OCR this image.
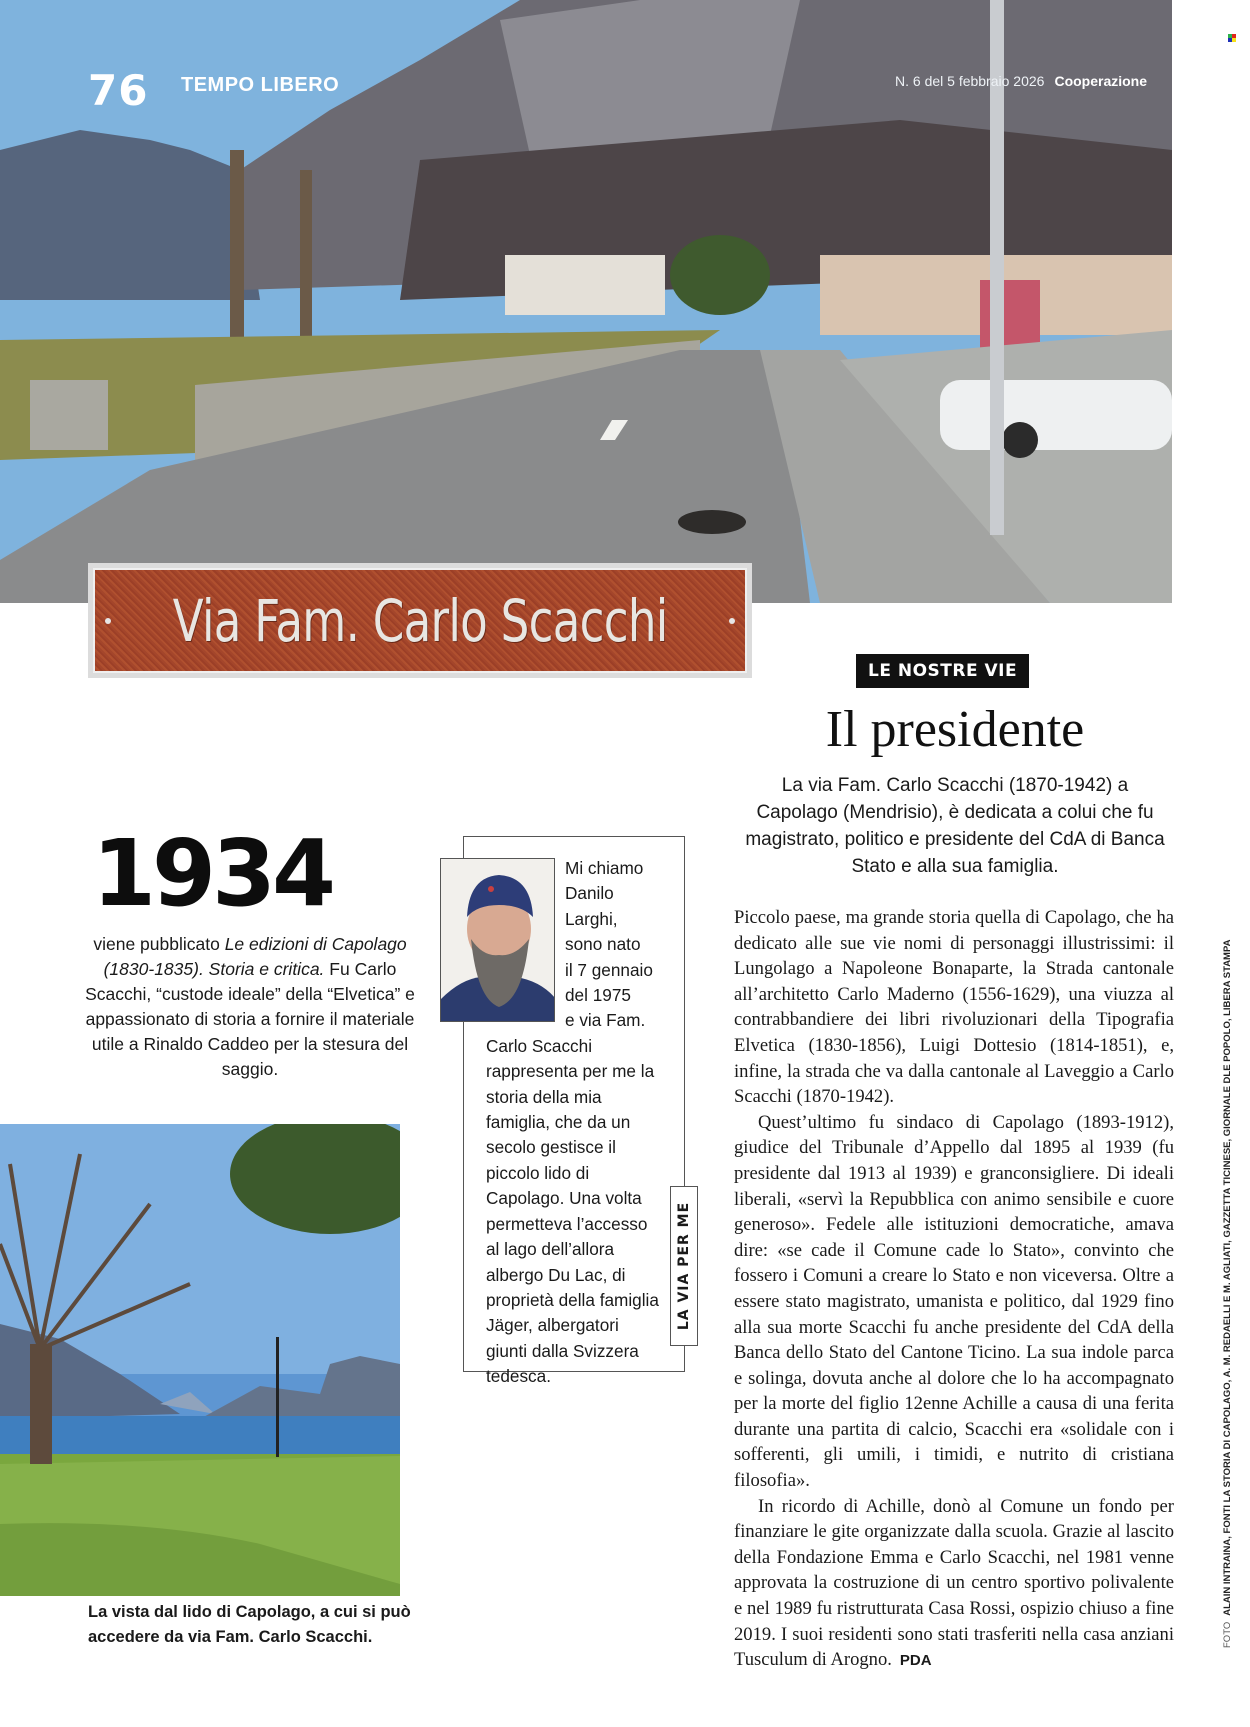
76 TEMPO LIBERO	N. 6 del 5 febbraio 2026 Cooperazione
Via Fam. Carlo Scacchi
LE NOSTRE VIE
Il presidente
La via Fam. Carlo Scacchi (1870-1942) a Capolago (Mendrisio), è dedicata a colui che fu magistrato, politico e presidente del CdA di Banca Stato e alla sua famiglia.

Piccolo paese, ma grande storia quella di Capolago, che ha dedicato alle sue vie nomi di personaggi illustrissimi: il Lungolago a Napoleone Bonaparte, la Strada cantonale all’architetto Carlo Maderno (1556-1629), una viuzza al contrabbandiere dei libri rivoluzionari della Tipografia Elvetica (1830-1856), Luigi Dottesio (1814-1851), e, infine, la strada che va dalla cantonale al Laveggio a Carlo Scacchi (1870-1942).

Quest’ultimo fu sindaco di Capolago (1893-1912), giudice del Tribunale d’Appello dal 1895 al 1939 (fu presidente dal 1913 al 1939) e granconsigliere. Di ideali liberali, «servì la Repubblica con animo sensibile e cuore generoso». Fedele alle istituzioni democratiche, amava dire: «se cade il Comune cade lo Stato», convinto che fossero i Comuni a creare lo Stato e non viceversa. Oltre a essere stato magistrato, umanista e politico, dal 1929 fino alla sua morte Scacchi fu anche presidente del CdA della Banca dello Stato del Cantone Ticino. La sua indole parca e solinga, dovuta anche al dolore che lo ha accompagnato per la morte del figlio 12enne Achille a causa di una ferita durante una partita di calcio, Scacchi era «solidale con i sofferenti, gli umili, i timidi, e nutrito di cristiana filosofia».

In ricordo di Achille, donò al Comune un fondo per finanziare le gite organizzate dalla scuola. Grazie al lascito della Fondazione Emma e Carlo Scacchi, nel 1981 venne approvata la costruzione di un centro sportivo polivalente e nel 1989 fu ristrutturata Casa Rossi, ospizio chiuso a fine 2019. I suoi residenti sono stati trasferiti nella casa anziani Tusculum di Arogno. PDA

1934
viene pubblicato Le edizioni di Capolago (1830-1835). Storia e critica. Fu Carlo Scacchi, “custode ideale” della “Elvetica” e appassionato di storia a fornire il materiale utile a Rinaldo Caddeo per la stesura del saggio.
Mi chiamo
Danilo
Larghi,
sono nato
il 7 gennaio
del 1975
e via Fam.
Carlo Scacchi rappresenta per me la storia della mia famiglia, che da un secolo gestisce il piccolo lido di Capolago. Una volta permetteva l’accesso al lago dell’allora albergo Du Lac, di proprietà della famiglia Jäger, albergatori giunti dalla Svizzera tedesca.
LA VIA PER ME
La vista dal lido di Capolago, a cui si può accedere da via Fam. Carlo Scacchi.	FOTOALAIN INTRAINA, FONTI LA STORIA DI CAPOLAGO, A. M. REDAELLI E M. AGLIATI, GAZZETTA TICINESE, GIORNALE DLE POPOLO, LIBERA STAMPA
